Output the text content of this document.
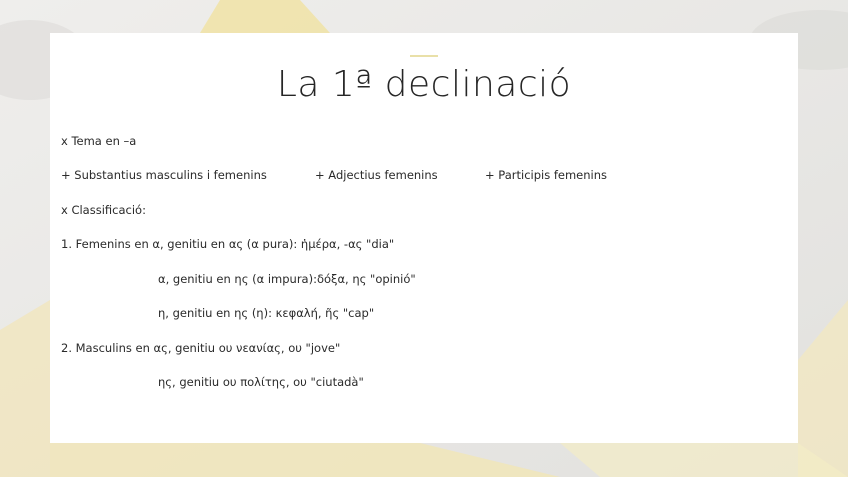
La 1ª declinació
x Tema en –a
+ Substantius masculins i femenins	+ Adjectius femenins	+ Participis femenins
x Classificació:
1. Femenins en α, genitiu en ας (α pura): ἡμέρα, -ας "dia"
α, genitiu en ης (α impura):δόξα, ης "opinió"
η, genitiu en ης (η): κεφαλή, ῆς "cap"
2. Masculins en ας, genitiu ου νεανίας, ου "jove"
ης, genitiu ου πολίτης, ου "ciutadà"
